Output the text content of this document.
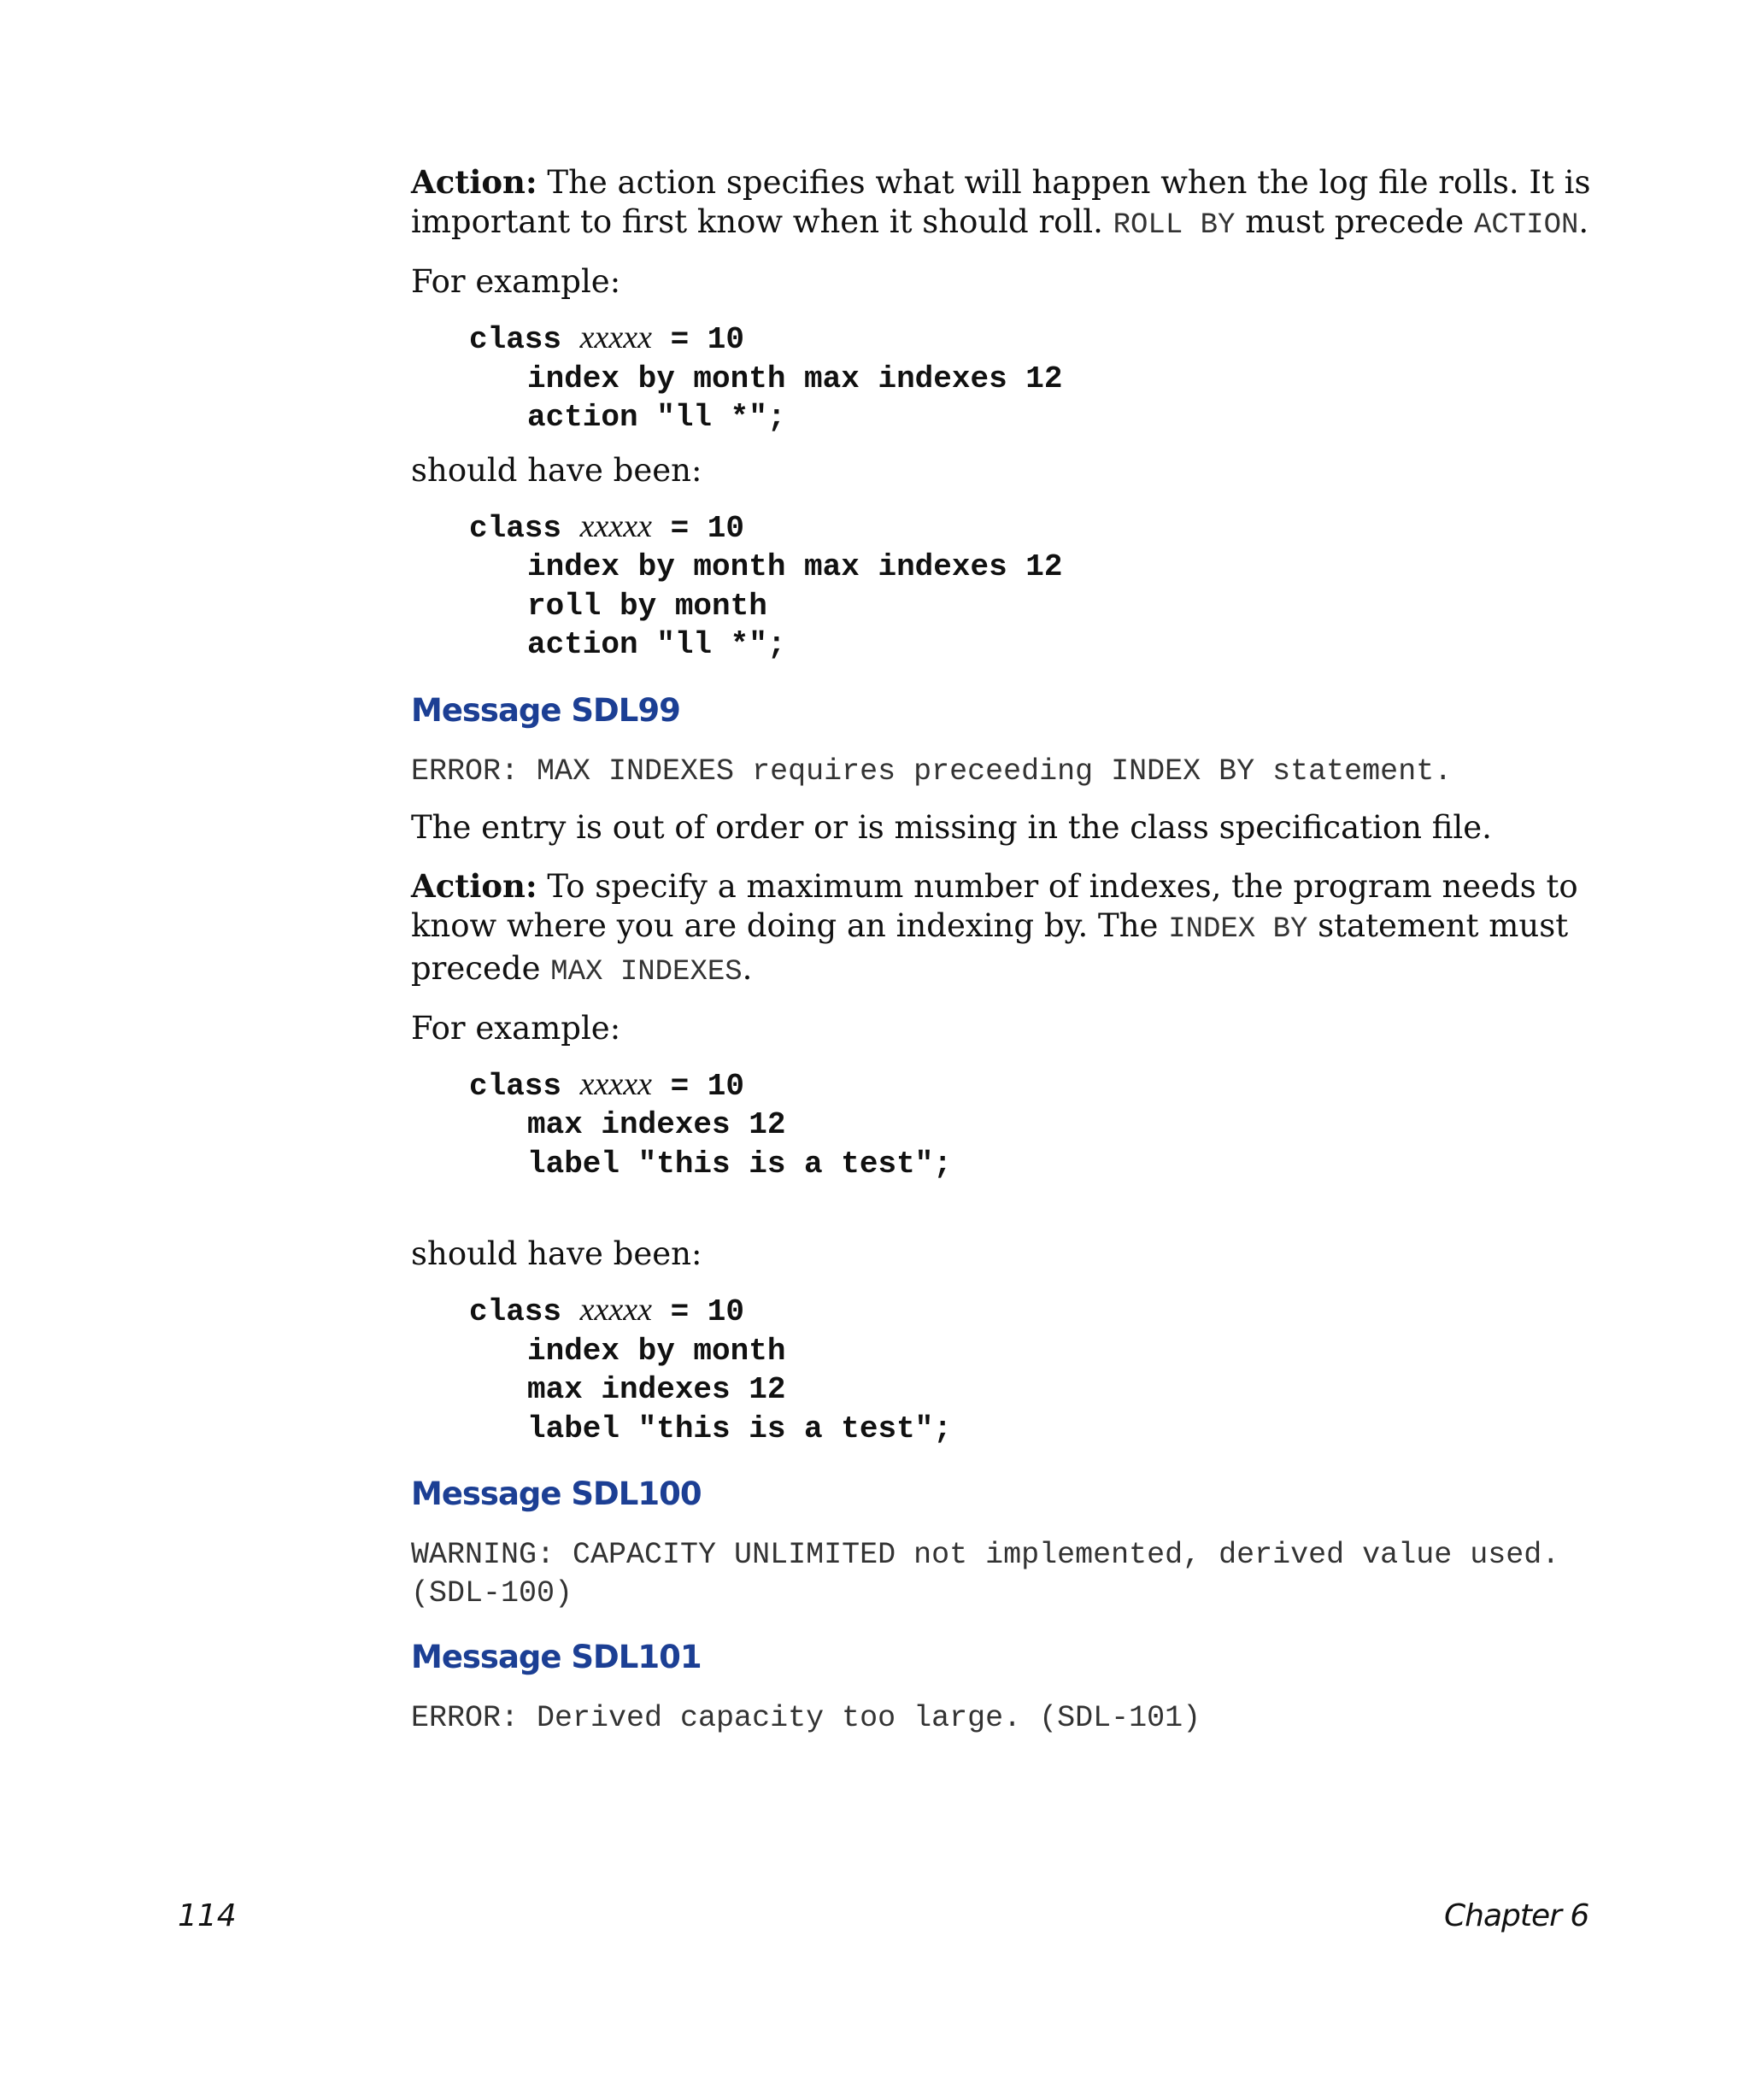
Action: The action specifies what will happen when the log file rolls. It is important to first know when it should roll. ROLL BY must precede ACTION.

For example:

class xxxxx = 10
index by month max indexes 12
action "ll *";

should have been:

class xxxxx = 10
index by month max indexes 12
roll by month
action "ll *";
Message SDL99

ERROR: MAX INDEXES requires preceeding INDEX BY statement.

The entry is out of order or is missing in the class specification file.

Action: To specify a maximum number of indexes, the program needs to know where you are doing an indexing by. The INDEX BY statement must precede MAX INDEXES.

For example:

class xxxxx = 10
max indexes 12
label "this is a test";

should have been:

class xxxxx = 10
index by month
max indexes 12
label "this is a test";
Message SDL100

WARNING: CAPACITY UNLIMITED not implemented, derived value used.
(SDL-100)

Message SDL101

ERROR: Derived capacity too large. (SDL-101)

114	Chapter 6
